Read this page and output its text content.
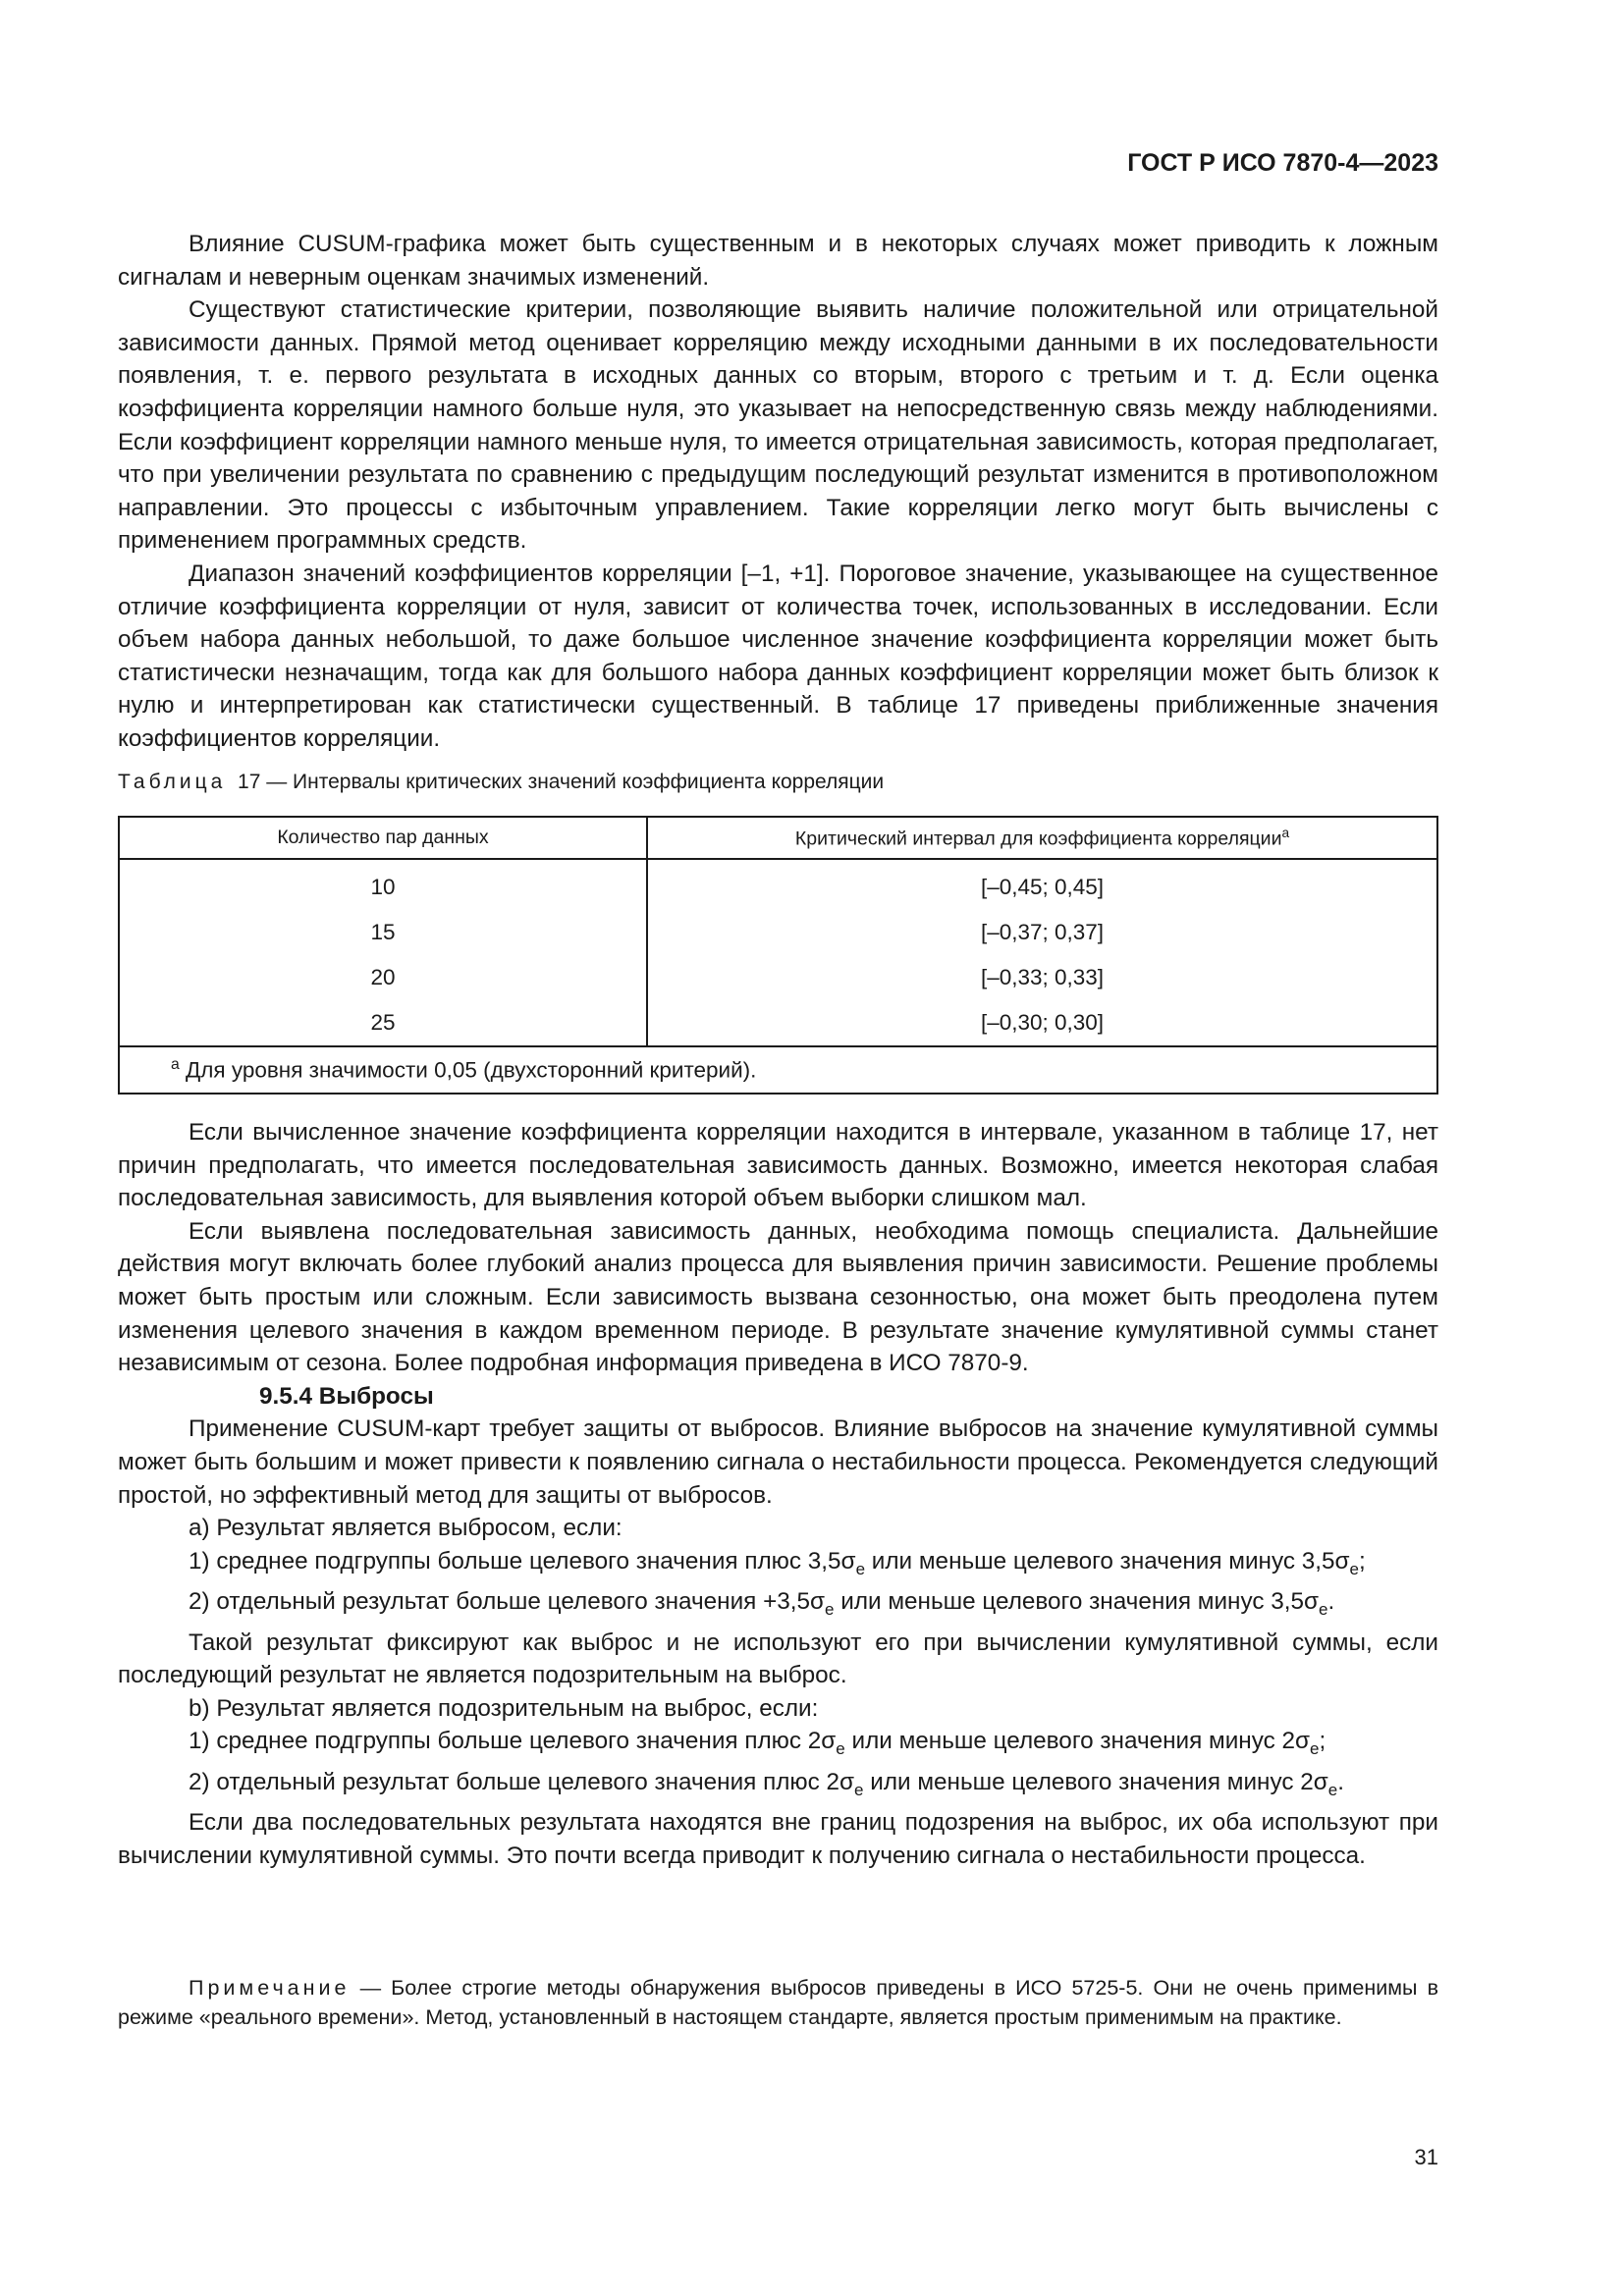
ГОСТ Р ИСО 7870-4—2023

Влияние CUSUM-графика может быть существенным и в некоторых случаях может приводить к ложным сигналам и неверным оценкам значимых изменений.

Существуют статистические критерии, позволяющие выявить наличие положительной или отрицательной зависимости данных. Прямой метод оценивает корреляцию между исходными данными в их последовательности появления, т. е. первого результата в исходных данных со вторым, второго с третьим и т. д. Если оценка коэффициента корреляции намного больше нуля, это указывает на непосредственную связь между наблюдениями. Если коэффициент корреляции намного меньше нуля, то имеется отрицательная зависимость, которая предполагает, что при увеличении результата по сравнению с предыдущим последующий результат изменится в противоположном направлении. Это процессы с избыточным управлением. Такие корреляции легко могут быть вычислены с применением программных средств.

Диапазон значений коэффициентов корреляции [–1, +1]. Пороговое значение, указывающее на существенное отличие коэффициента корреляции от нуля, зависит от количества точек, использованных в исследовании. Если объем набора данных небольшой, то даже большое численное значение коэффициента корреляции может быть статистически незначащим, тогда как для большого набора данных коэффициент корреляции может быть близок к нулю и интерпретирован как статистически существенный. В таблице 17 приведены приближенные значения коэффициентов корреляции.

Таблица 17 — Интервалы критических значений коэффициента корреляции
Количество пар данных	Критический интервал для коэффициента корреляции$^a$
10	[–0,45; 0,45]
15	[–0,37; 0,37]
20	[–0,33; 0,33]
25	[–0,30; 0,30]
$^a$ Для уровня значимости 0,05 (двухсторонний критерий).	

Если вычисленное значение коэффициента корреляции находится в интервале, указанном в таблице 17, нет причин предполагать, что имеется последовательная зависимость данных. Возможно, имеется некоторая слабая последовательная зависимость, для выявления которой объем выборки слишком мал.

Если выявлена последовательная зависимость данных, необходима помощь специалиста. Дальнейшие действия могут включать более глубокий анализ процесса для выявления причин зависимости. Решение проблемы может быть простым или сложным. Если зависимость вызвана сезонностью, она может быть преодолена путем изменения целевого значения в каждом временном периоде. В результате значение кумулятивной суммы станет независимым от сезона. Более подробная информация приведена в ИСО 7870-9.

9.5.4 Выбросы

Применение CUSUM-карт требует защиты от выбросов. Влияние выбросов на значение кумулятивной суммы может быть большим и может привести к появлению сигнала о нестабильности процесса. Рекомендуется следующий простой, но эффективный метод для защиты от выбросов.

а) Результат является выбросом, если:

1) среднее подгруппы больше целевого значения плюс $3,5\sigma_e$ или меньше целевого значения минус $3,5\sigma_e$;

2) отдельный результат больше целевого значения $+3,5\sigma_e$ или меньше целевого значения минус $3,5\sigma_e$.

Такой результат фиксируют как выброс и не используют его при вычислении кумулятивной суммы, если последующий результат не является подозрительным на выброс.

b) Результат является подозрительным на выброс, если:

1) среднее подгруппы больше целевого значения плюс $2\sigma_e$ или меньше целевого значения минус $2\sigma_e$;

2) отдельный результат больше целевого значения плюс $2\sigma_e$ или меньше целевого значения минус $2\sigma_e$.

Если два последовательных результата находятся вне границ подозрения на выброс, их оба используют при вычислении кумулятивной суммы. Это почти всегда приводит к получению сигнала о нестабильности процесса.

Примечание — Более строгие методы обнаружения выбросов приведены в ИСО 5725-5. Они не очень применимы в режиме «реального времени». Метод, установленный в настоящем стандарте, является простым применимым на практике.

31
